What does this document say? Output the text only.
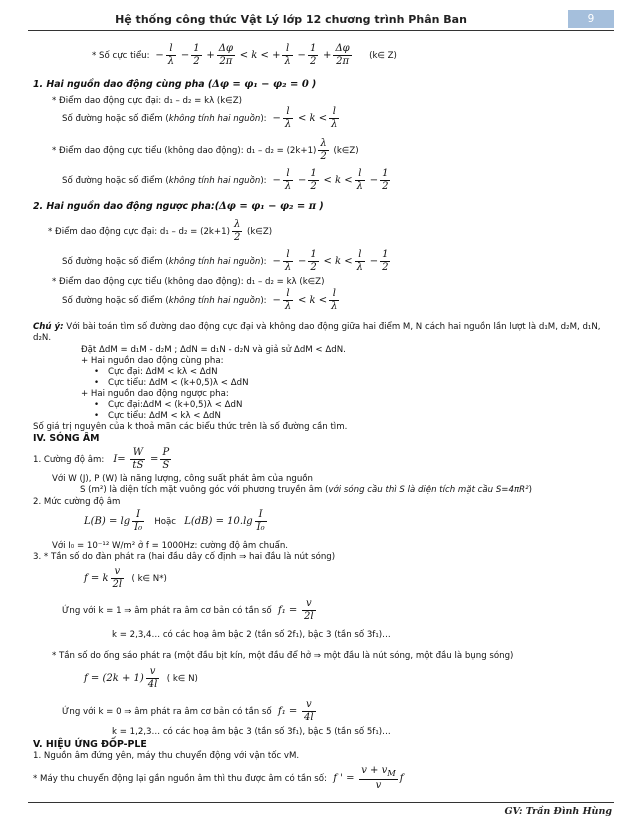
Hệ thống công thức Vật Lý lớp 12 chương trình Phân Ban	9
* Số cực tiểu:  − $\frac{l}{\lambda} - \frac{1}{2} + \frac{\Delta\varphi}{2\pi} < k$ < + $\frac{l}{\lambda} - \frac{1}{2} + \frac{\Delta\varphi}{2\pi}$ (k∈ Z)
1. Hai nguồn dao động cùng pha (Δφ = φ₁ − φ₂ = 0 )
* Điểm dao động cực đại: d₁ – d₂ = kλ (k∈Z)
Số đường hoặc số điểm (không tính hai nguồn):  − $\frac{l}{\lambda} < k < \frac{l}{\lambda}$
* Điểm dao động cực tiểu (không dao động): $d_1 - d_2 = (2k+1) \frac{\lambda}{2}$ (k∈Z)
Số đường hoặc số điểm (không tính hai nguồn):  − $\frac{l}{\lambda} - \frac{1}{2} < k < \frac{l}{\lambda} - \frac{1}{2}$
2. Hai nguồn dao động ngược pha:(Δφ = φ₁ − φ₂ = π )
* Điểm dao động cực đại: $d_1 - d_2 = (2k+1) \frac{\lambda}{2}$ (k∈Z)
Số đường hoặc số điểm (không tính hai nguồn):  − $\frac{l}{\lambda} - \frac{1}{2} < k < \frac{l}{\lambda} - \frac{1}{2}$
* Điểm dao động cực tiểu (không dao động): d₁ – d₂ = kλ (k∈Z)
Số đường hoặc số điểm (không tính hai nguồn):  − $\frac{l}{\lambda} < k < \frac{l}{\lambda}$
Chú ý: Với bài toán tìm số đường dao động cực đại và không dao động giữa hai điểm M, N cách hai nguồn lần lượt là d₁M, d₂M, d₁N,
d₂N.
Đặt ΔdM = d₁M - d₂M ; ΔdN = d₁N - d₂N và giả sử ΔdM < ΔdN.
+ Hai nguồn dao động cùng pha:
• Cực đại: ΔdM < kλ < ΔdN
• Cực tiểu: ΔdM < (k+0,5)λ < ΔdN
+ Hai nguồn dao động ngược pha:
• Cực đại:ΔdM < (k+0,5)λ < ΔdN
• Cực tiểu: ΔdM < kλ < ΔdN
Số giá trị nguyên của k thoả mãn các biểu thức trên là số đường cần tìm.
IV. SÓNG ÂM
1. Cường độ âm: $I= \frac{W}{tS} = \frac{P}{S}$
Với W (J), P (W) là năng lượng, công suất phát âm của nguồn
S (m²) là diện tích mặt vuông góc với phương truyền âm (với sóng cầu thì S là diện tích mặt cầu S=4πR²)
2. Mức cường độ âm
$L(B) = \lg \frac{I}{\text{I₀}}$ Hoặc $L(dB) = 10.\lg \frac{I}{\text{I₀}}$
Với I₀ = 10⁻¹² W/m² ở f = 1000Hz: cường độ âm chuẩn.
3. * Tần số do đàn phát ra (hai đầu dây cố định ⇒ hai đầu là nút sóng)
f = k $\frac{v}{2l}$ ( k∈ N*)
Ứng với k = 1 ⇒ âm phát ra âm cơ bản có tần số  $f_1 = \frac{v}{2l}$
k = 2,3,4… có các hoạ âm bậc 2 (tần số 2f₁), bậc 3 (tần số 3f₁)…
* Tần số do ống sáo phát ra (một đầu bịt kín, một đầu để hở ⇒ một đầu là nút sóng, một đầu là bụng sóng)
$f = (2k + 1) \frac{v}{4l}$ ( k∈ N)
Ứng với k = 0 ⇒ âm phát ra âm cơ bản có tần số  $f_1 = \frac{v}{4l}$
k = 1,2,3… có các hoạ âm bậc 3 (tần số 3f₁), bậc 5 (tần số 5f₁)…
V. HIỆU ỨNG ĐỐP-PLE
1. Nguồn âm đứng yên, máy thu chuyển động với vận tốc vM.
* Máy thu chuyển động lại gần nguồn âm thì thu được âm có tần số:  f ' = $\frac{v + v_M}{v}$ f
GV: Trần Đình Hùng
